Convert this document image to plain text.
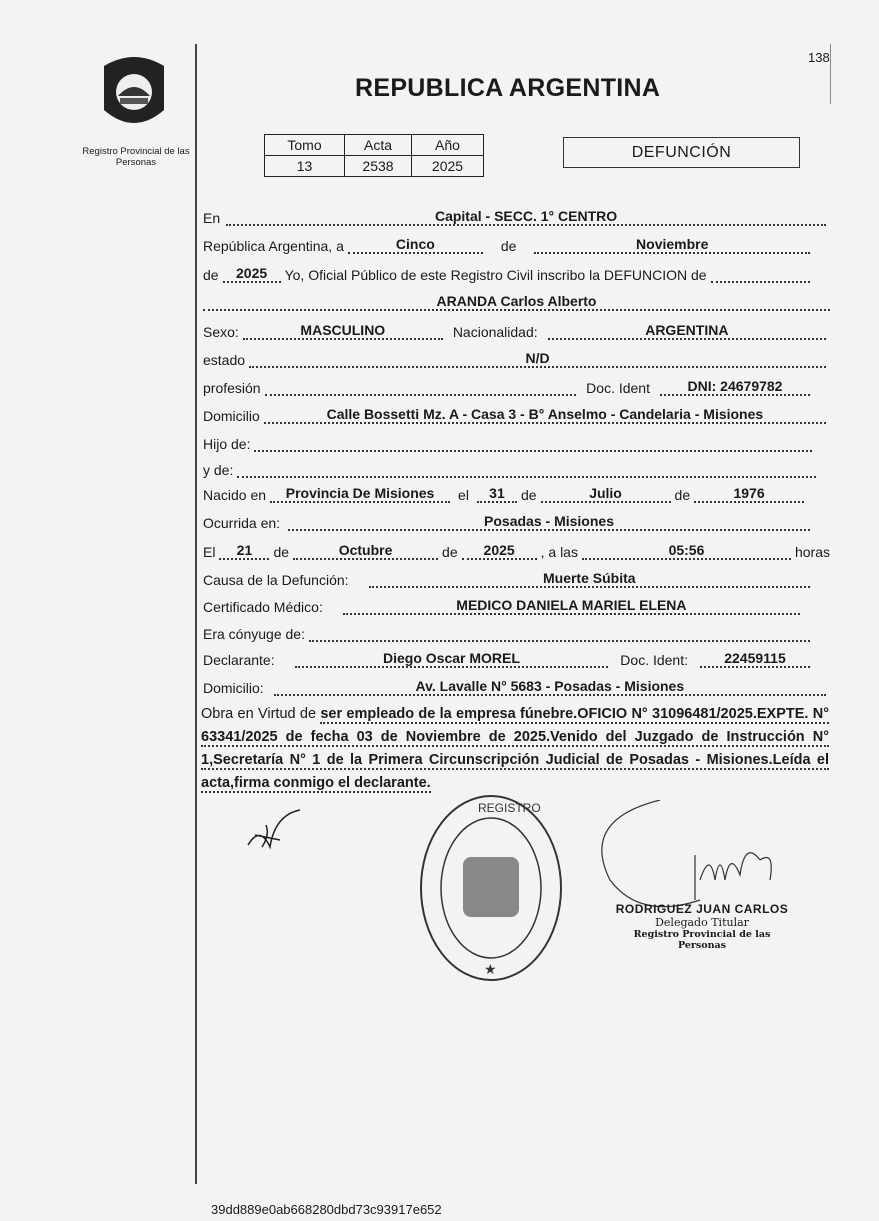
138
Registro Provincial de las Personas
REPUBLICA ARGENTINA
Tomo	Acta	Año
13	2538	2025
DEFUNCIÓN
En	Capital - SECC. 1° CENTRO
República Argentina, a	Cinco	de	Noviembre
de	2025	Yo, Oficial Público de este Registro Civil inscribo la DEFUNCION de
ARANDA Carlos Alberto
Sexo:	MASCULINO	Nacionalidad:	ARGENTINA
estado	N/D
profesión	Doc. Ident	DNI: 24679782
Domicilio	Calle Bossetti Mz. A - Casa 3 - B° Anselmo - Candelaria - Misiones
Hijo de:
y de:
Nacido en	Provincia De Misiones	el	31	de	Julio	de	1976
Ocurrida en:	Posadas - Misiones
El	21	de	Octubre	de	2025	, a las	05:56	horas
Causa de la Defunción:	Muerte Súbita
Certificado Médico:	MEDICO DANIELA MARIEL ELENA
Era cónyuge de:
Declarante:	Diego Oscar MOREL	Doc. Ident:	22459115
Domicilio:	Av. Lavalle N° 5683 - Posadas - Misiones
Obra en Virtud de ser empleado de la empresa fúnebre.OFICIO N° 31096481/2025.EXPTE. N° 63341/2025 de fecha 03 de Noviembre de 2025.Venido del Juzgado de Instrucción N° 1,Secretaría N° 1 de la Primera Circunscripción Judicial de Posadas - Misiones.Leída el acta,firma conmigo el declarante.
REGISTRO
★
RODRIGUEZ JUAN CARLOS
Delegado Titular
Registro Provincial de las Personas
39dd889e0ab668280dbd73c93917e652
